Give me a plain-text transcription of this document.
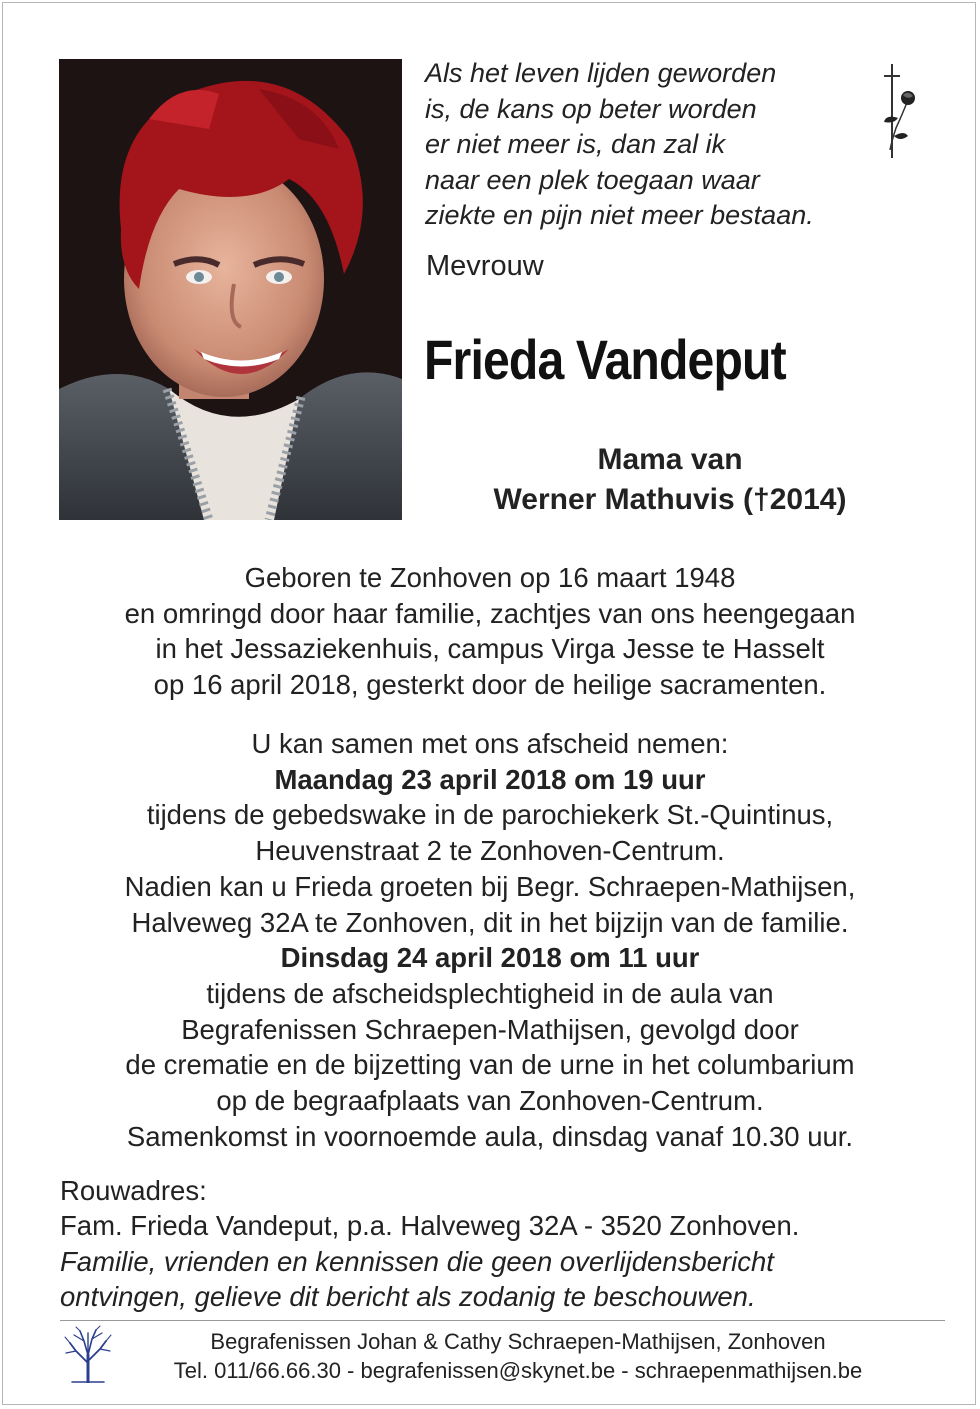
Als het leven lijden geworden
is, de kans op beter worden
er niet meer is, dan zal ik
naar een plek toegaan waar
ziekte en pijn niet meer bestaan.
Mevrouw
Frieda Vandeput
Mama van
Werner Mathuvis (†2014)
Geboren te Zonhoven op 16 maart 1948
en omringd door haar familie, zachtjes van ons heengegaan
in het Jessaziekenhuis, campus Virga Jesse te Hasselt
op 16 april 2018, gesterkt door de heilige sacramenten.
U kan samen met ons afscheid nemen:
Maandag 23 april 2018 om 19 uur
tijdens de gebedswake in de parochiekerk St.-Quintinus,
Heuvenstraat 2 te Zonhoven-Centrum.
Nadien kan u Frieda groeten bij Begr. Schraepen-Mathijsen,
Halveweg 32A te Zonhoven, dit in het bijzijn van de familie.
Dinsdag 24 april 2018 om 11 uur
tijdens de afscheidsplechtigheid in de aula van
Begrafenissen Schraepen-Mathijsen, gevolgd door
de crematie en de bijzetting van de urne in het columbarium
op de begraafplaats van Zonhoven-Centrum.
Samenkomst in voornoemde aula, dinsdag vanaf 10.30 uur.
Rouwadres:
Fam. Frieda Vandeput, p.a. Halveweg 32A - 3520 Zonhoven.
Familie, vrienden en kennissen die geen overlijdensbericht
ontvingen, gelieve dit bericht als zodanig te beschouwen.
Begrafenissen Johan & Cathy Schraepen-Mathijsen, Zonhoven
Tel. 011/66.66.30 - begrafenissen@skynet.be - schraepenmathijsen.be
